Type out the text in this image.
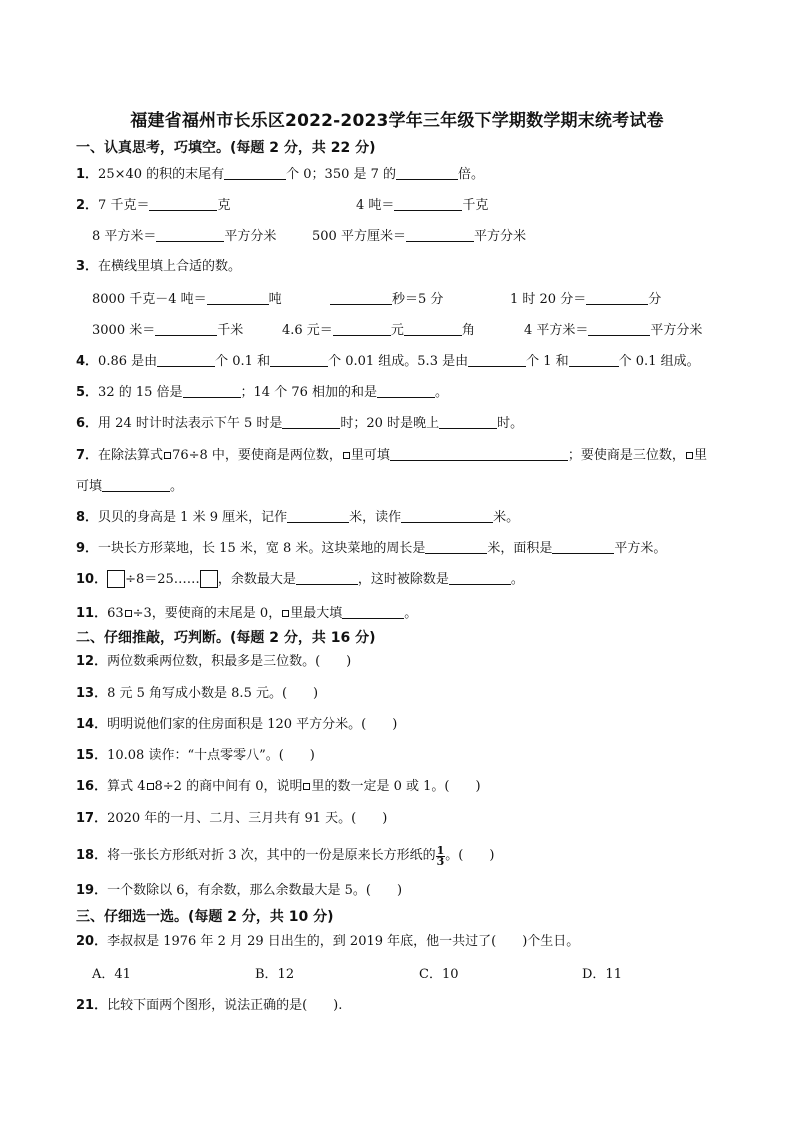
福建省福州市长乐区2022-2023学年三年级下学期数学期末统考试卷
一、认真思考，巧填空。(每题 2 分，共 22 分)
1．25×40 的积的末尾有	个 0；350 是 7 的	倍。
2．7 千克＝	克	4 吨＝	千克
8 平方米＝	平方分米	500 平方厘米＝	平方分米
3．在横线里填上合适的数。
8000 千克－4 吨＝	吨	秒＝5 分	1 时 20 分＝	分
3000 米＝	千米	4.6 元＝	元	角	4 平方米＝	平方分米
4．0.86 是由	个 0.1 和	个 0.01 组成。5.3 是由	个 1 和	个 0.1 组成。
5．32 的 15 倍是	；14 个 76 相加的和是	。
6．用 24 时计时法表示下午 5 时是	时；20 时是晚上	时。
7．在除法算式 76÷8 中，要使商是两位数， 里可填	；要使商是三位数， 里
可填	。
8．贝贝的身高是 1 米 9 厘米，记作	米，读作	米。
9．一块长方形菜地，长 15 米，宽 8 米。这块菜地的周长是	米，面积是	平方米。
10． ÷8＝25…… ，余数最大是	，这时被除数是	。
11．63 ÷3，要使商的末尾是 0， 里最大填	。
二、仔细推敲，巧判断。(每题 2 分，共 16 分)
12．两位数乘两位数，积最多是三位数。(　　)
13．8 元 5 角写成小数是 8.5 元。(　　)
14．明明说他们家的住房面积是 120 平方分米。(　　)
15．10.08 读作：“十点零零八”。(　　)
16．算式 4 8÷2 的商中间有 0，说明 里的数一定是 0 或 1。(　　)
17．2020 年的一月、二月、三月共有 91 天。(　　)
18．将一张长方形纸对折 3 次，其中的一份是原来长方形纸的 $\frac{1}{3}$ 。(　　)
19．一个数除以 6，有余数，那么余数最大是 5。(　　)
三、仔细选一选。(每题 2 分，共 10 分)
20．李叔叔是 1976 年 2 月 29 日出生的，到 2019 年底，他一共过了(　　)个生日。
A．41	B．12	C．10	D．11
21．比较下面两个图形，说法正确的是(　　).
